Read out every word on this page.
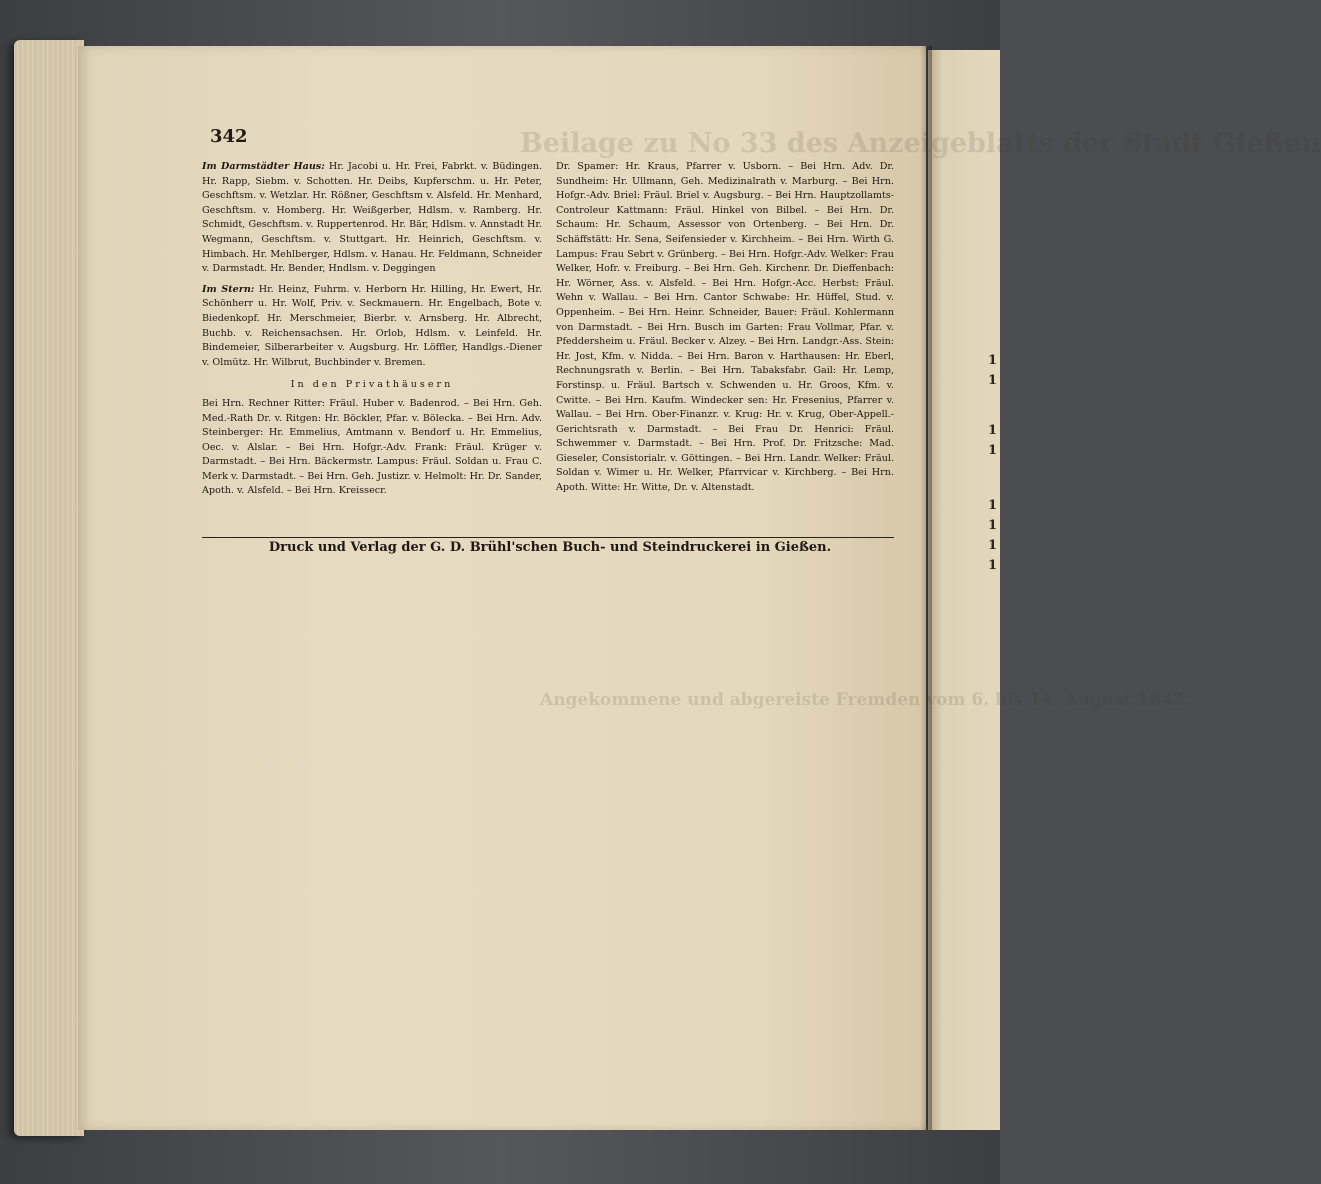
1
1
1
1
1
1
1
1
der Stadt Gießen
bis 14. August 1842.
342

Im Darmstädter Haus: Hr. Jacobi u. Hr. Frei, Fabrkt. v. Büdingen. Hr. Rapp, Siebm. v. Schotten. Hr. Deibs, Kupferschm. u. Hr. Peter, Geschftsm. v. Wetzlar. Hr. Rößner, Geschftsm v. Alsfeld. Hr. Menhard, Geschftsm. v. Homberg. Hr. Weißgerber, Hdlsm. v. Ramberg. Hr. Schmidt, Geschftsm. v. Ruppertenrod. Hr. Bär, Hdlsm. v. Annstadt Hr. Wegmann, Geschftsm. v. Stuttgart. Hr. Heinrich, Geschftsm. v. Himbach. Hr. Mehlberger, Hdlsm. v. Hanau. Hr. Feldmann, Schneider v. Darmstadt. Hr. Bender, Hndlsm. v. Deggingen

Im Stern: Hr. Heinz, Fuhrm. v. Herborn Hr. Hilling, Hr. Ewert, Hr. Schönherr u. Hr. Wolf, Priv. v. Seckmauern. Hr. Engelbach, Bote v. Biedenkopf. Hr. Merschmeier, Bierbr. v. Arnsberg. Hr. Albrecht, Buchb. v. Reichensachsen. Hr. Orlob, Hdlsm. v. Leinfeld. Hr. Bindemeier, Silberarbeiter v. Augsburg. Hr. Löffler, Handlgs.-Diener v. Olmütz. Hr. Wilbrut, Buchbinder v. Bremen.

In den Privathäusern

Bei Hrn. Rechner Ritter: Fräul. Huber v. Badenrod. – Bei Hrn. Geh. Med.-Rath Dr. v. Ritgen: Hr. Böckler, Pfar. v. Bölecka. – Bei Hrn. Adv. Steinberger: Hr. Emmelius, Amtmann v. Bendorf u. Hr. Emmelius, Oec. v. Alslar. – Bei Hrn. Hofgr.-Adv. Frank: Fräul. Krüger v. Darmstadt. – Bei Hrn. Bäckermstr. Lampus: Fräul. Soldan u. Frau C. Merk v. Darmstadt. – Bei Hrn. Geh. Justizr. v. Helmolt: Hr. Dr. Sander, Apoth. v. Alsfeld. – Bei Hrn. Kreissecr.

Dr. Spamer: Hr. Kraus, Pfarrer v. Usborn. – Bei Hrn. Adv. Dr. Sundheim: Hr. Ullmann, Geh. Medizinalrath v. Marburg. – Bei Hrn. Hofgr.-Adv. Briel: Fräul. Briel v. Augsburg. – Bei Hrn. Hauptzollamts-Controleur Kattmann: Fräul. Hinkel von Bilbel. – Bei Hrn. Dr. Schaum: Hr. Schaum, Assessor von Ortenberg. – Bei Hrn. Dr. Schäffstätt: Hr. Sena, Seifensieder v. Kirchheim. – Bei Hrn. Wirth G. Lampus: Frau Sebrt v. Grünberg. – Bei Hrn. Hofgr.-Adv. Welker: Frau Welker, Hofr. v. Freiburg. – Bei Hrn. Geh. Kirchenr. Dr. Dieffenbach: Hr. Wörner, Ass. v. Alsfeld. – Bei Hrn. Hofgr.-Acc. Herbst: Fräul. Wehn v. Wallau. – Bei Hrn. Cantor Schwabe: Hr. Hüffel, Stud. v. Oppenheim. – Bei Hrn. Heinr. Schneider, Bauer: Fräul. Kohlermann von Darmstadt. – Bei Hrn. Busch im Garten: Frau Vollmar, Pfar. v. Pfeddersheim u. Fräul. Becker v. Alzey. – Bei Hrn. Landgr.-Ass. Stein: Hr. Jost, Kfm. v. Nidda. – Bei Hrn. Baron v. Harthausen: Hr. Eberl, Rechnungsrath v. Berlin. – Bei Hrn. Tabaksfabr. Gail: Hr. Lemp, Forstinsp. u. Fräul. Bartsch v. Schwenden u. Hr. Groos, Kfm. v. Cwitte. – Bei Hrn. Kaufm. Windecker sen: Hr. Fresenius, Pfarrer v. Wallau. – Bei Hrn. Ober-Finanzr. v. Krug: Hr. v. Krug, Ober-Appell.-Gerichtsrath v. Darmstadt. – Bei Frau Dr. Henrici: Fräul. Schwemmer v. Darmstadt. – Bei Hrn. Prof. Dr. Fritzsche: Mad. Gieseler, Consistorialr. v. Göttingen. – Bei Hrn. Landr. Welker: Fräul. Soldan v. Wimer u. Hr. Welker, Pfarrvicar v. Kirchberg. – Bei Hrn. Apoth. Witte: Hr. Witte, Dr. v. Altenstadt.

Druck und Verlag der G. D. Brühl'schen Buch- und Steindruckerei in Gießen.
